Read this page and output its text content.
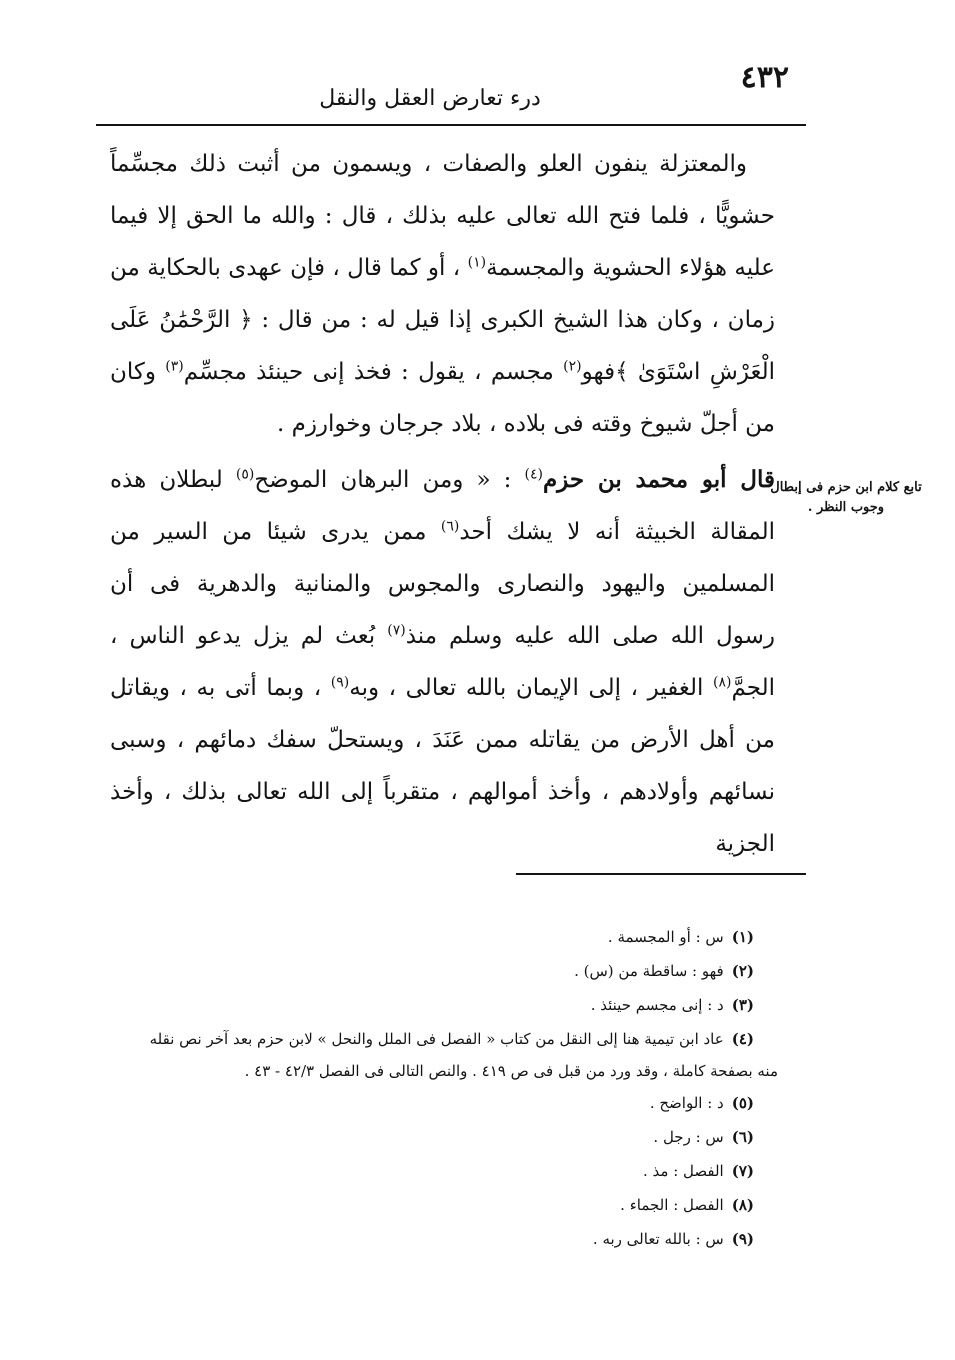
٤٣٢
درء تعارض العقل والنقل

والمعتزلة ينفون العلو والصفات ، ويسمون من أثبت ذلك مجسِّماً حشويًّا ، فلما فتح الله تعالى عليه بذلك ، قال : والله ما الحق إلا فيما عليه هؤلاء الحشوية والمجسمة$^{(١)}$ ، أو كما قال ، فإن عهدى بالحكاية من زمان ، وكان هذا الشيخ الكبرى إذا قيل له : من قال : ﴿ الرَّحْمَٰنُ عَلَى الْعَرْشِ اسْتَوَىٰ ﴾فهو$^{(٢)}$ مجسم ، يقول : فخذ إنى حينئذ مجسِّم$^{(٣)}$ وكان من أجلّ شيوخ وقته فى بلاده ، بلاد جرجان وخوارزم .

قال أبو محمد بن حزم$^{(٤)}$ : « ومن البرهان الموضح$^{(٥)}$ لبطلان هذه المقالة الخبيثة أنه لا يشك أحد$^{(٦)}$ ممن يدرى شيئا من السير من المسلمين واليهود والنصارى والمجوس والمنانية والدهرية فى أن رسول الله صلى الله عليه وسلم منذ$^{(٧)}$ بُعث لم يزل يدعو الناس ، الجمَّ$^{(٨)}$ الغفير ، إلى الإيمان بالله تعالى ، وبه$^{(٩)}$ ، وبما أتى به ، ويقاتل من أهل الأرض من يقاتله ممن عَنَدَ ، ويستحلّ سفك دمائهم ، وسبى نسائهم وأولادهم ، وأخذ أموالهم ، متقرباً إلى الله تعالى بذلك ، وأخذ الجزية

تابع كلام ابن حزم فى إبطال وجوب النظر .
(١)
س : أو المجسمة .
(٢)
فهو : ساقطة من (س) .
(٣)
د : إنى مجسم حينئذ .
(٤)
عاد ابن تيمية هنا إلى النقل من كتاب « الفصل فى الملل والنحل » لابن حزم بعد آخر نص نقله
منه بصفحة كاملة ، وقد ورد من قبل فى ص ٤١٩ . والنص التالى فى الفصل ٤٢/٣ - ٤٣ .
(٥)
د : الواضح .
(٦)
س : رجل .
(٧)
الفصل : مذ .
(٨)
الفصل : الجماء .
(٩)
س : بالله تعالى ربه .
